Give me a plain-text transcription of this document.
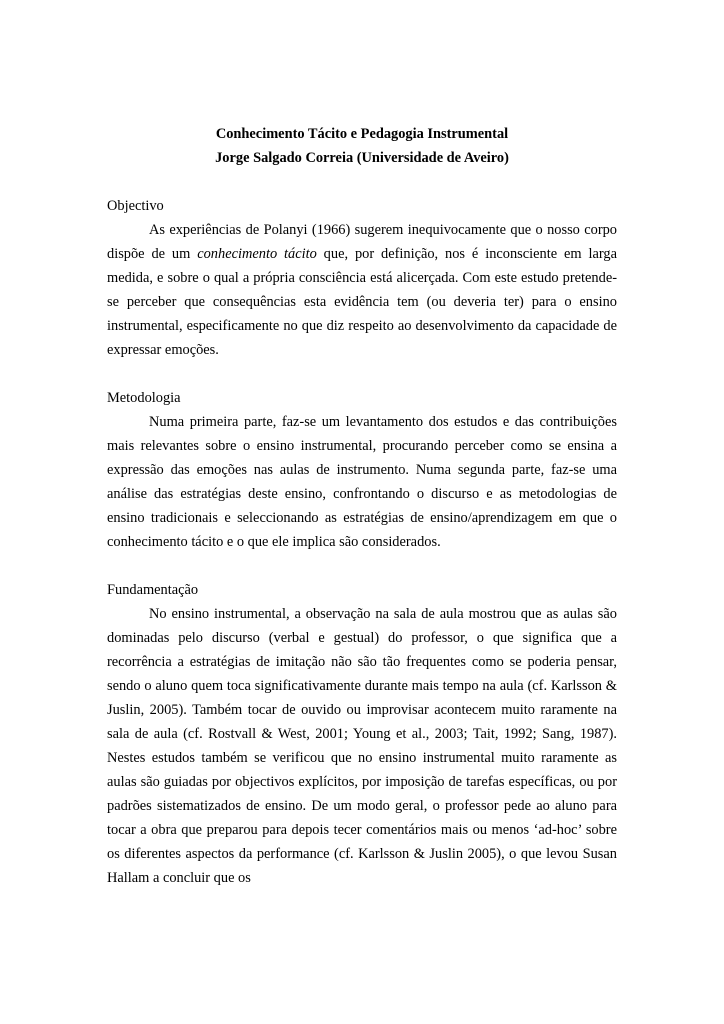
Conhecimento Tácito e Pedagogia Instrumental

Jorge Salgado Correia (Universidade de Aveiro)

Objectivo

As experiências de Polanyi (1966) sugerem inequivocamente que o nosso corpo dispõe de um conhecimento tácito que, por definição, nos é inconsciente em larga medida, e sobre o qual a própria consciência está alicerçada. Com este estudo pretende-se perceber que consequências esta evidência tem (ou deveria ter) para o ensino instrumental, especificamente no que diz respeito ao desenvolvimento da capacidade de expressar emoções.

Metodologia

Numa primeira parte, faz-se um levantamento dos estudos e das contribuições mais relevantes sobre o ensino instrumental, procurando perceber como se ensina a expressão das emoções nas aulas de instrumento. Numa segunda parte, faz-se uma análise das estratégias deste ensino, confrontando o discurso e as metodologias de ensino tradicionais e seleccionando as estratégias de ensino/aprendizagem em que o conhecimento tácito e o que ele implica são considerados.

Fundamentação

No ensino instrumental, a observação na sala de aula mostrou que as aulas são dominadas pelo discurso (verbal e gestual) do professor, o que significa que a recorrência a estratégias de imitação não são tão frequentes como se poderia pensar, sendo o aluno quem toca significativamente durante mais tempo na aula (cf. Karlsson & Juslin, 2005). Também tocar de ouvido ou improvisar acontecem muito raramente na sala de aula (cf. Rostvall & West, 2001; Young et al., 2003; Tait, 1992; Sang, 1987). Nestes estudos também se verificou que no ensino instrumental muito raramente as aulas são guiadas por objectivos explícitos, por imposição de tarefas específicas, ou por padrões sistematizados de ensino. De um modo geral, o professor pede ao aluno para tocar a obra que preparou para depois tecer comentários mais ou menos ‘ad-hoc’ sobre os diferentes aspectos da performance (cf. Karlsson & Juslin 2005), o que levou Susan Hallam a concluir que os
